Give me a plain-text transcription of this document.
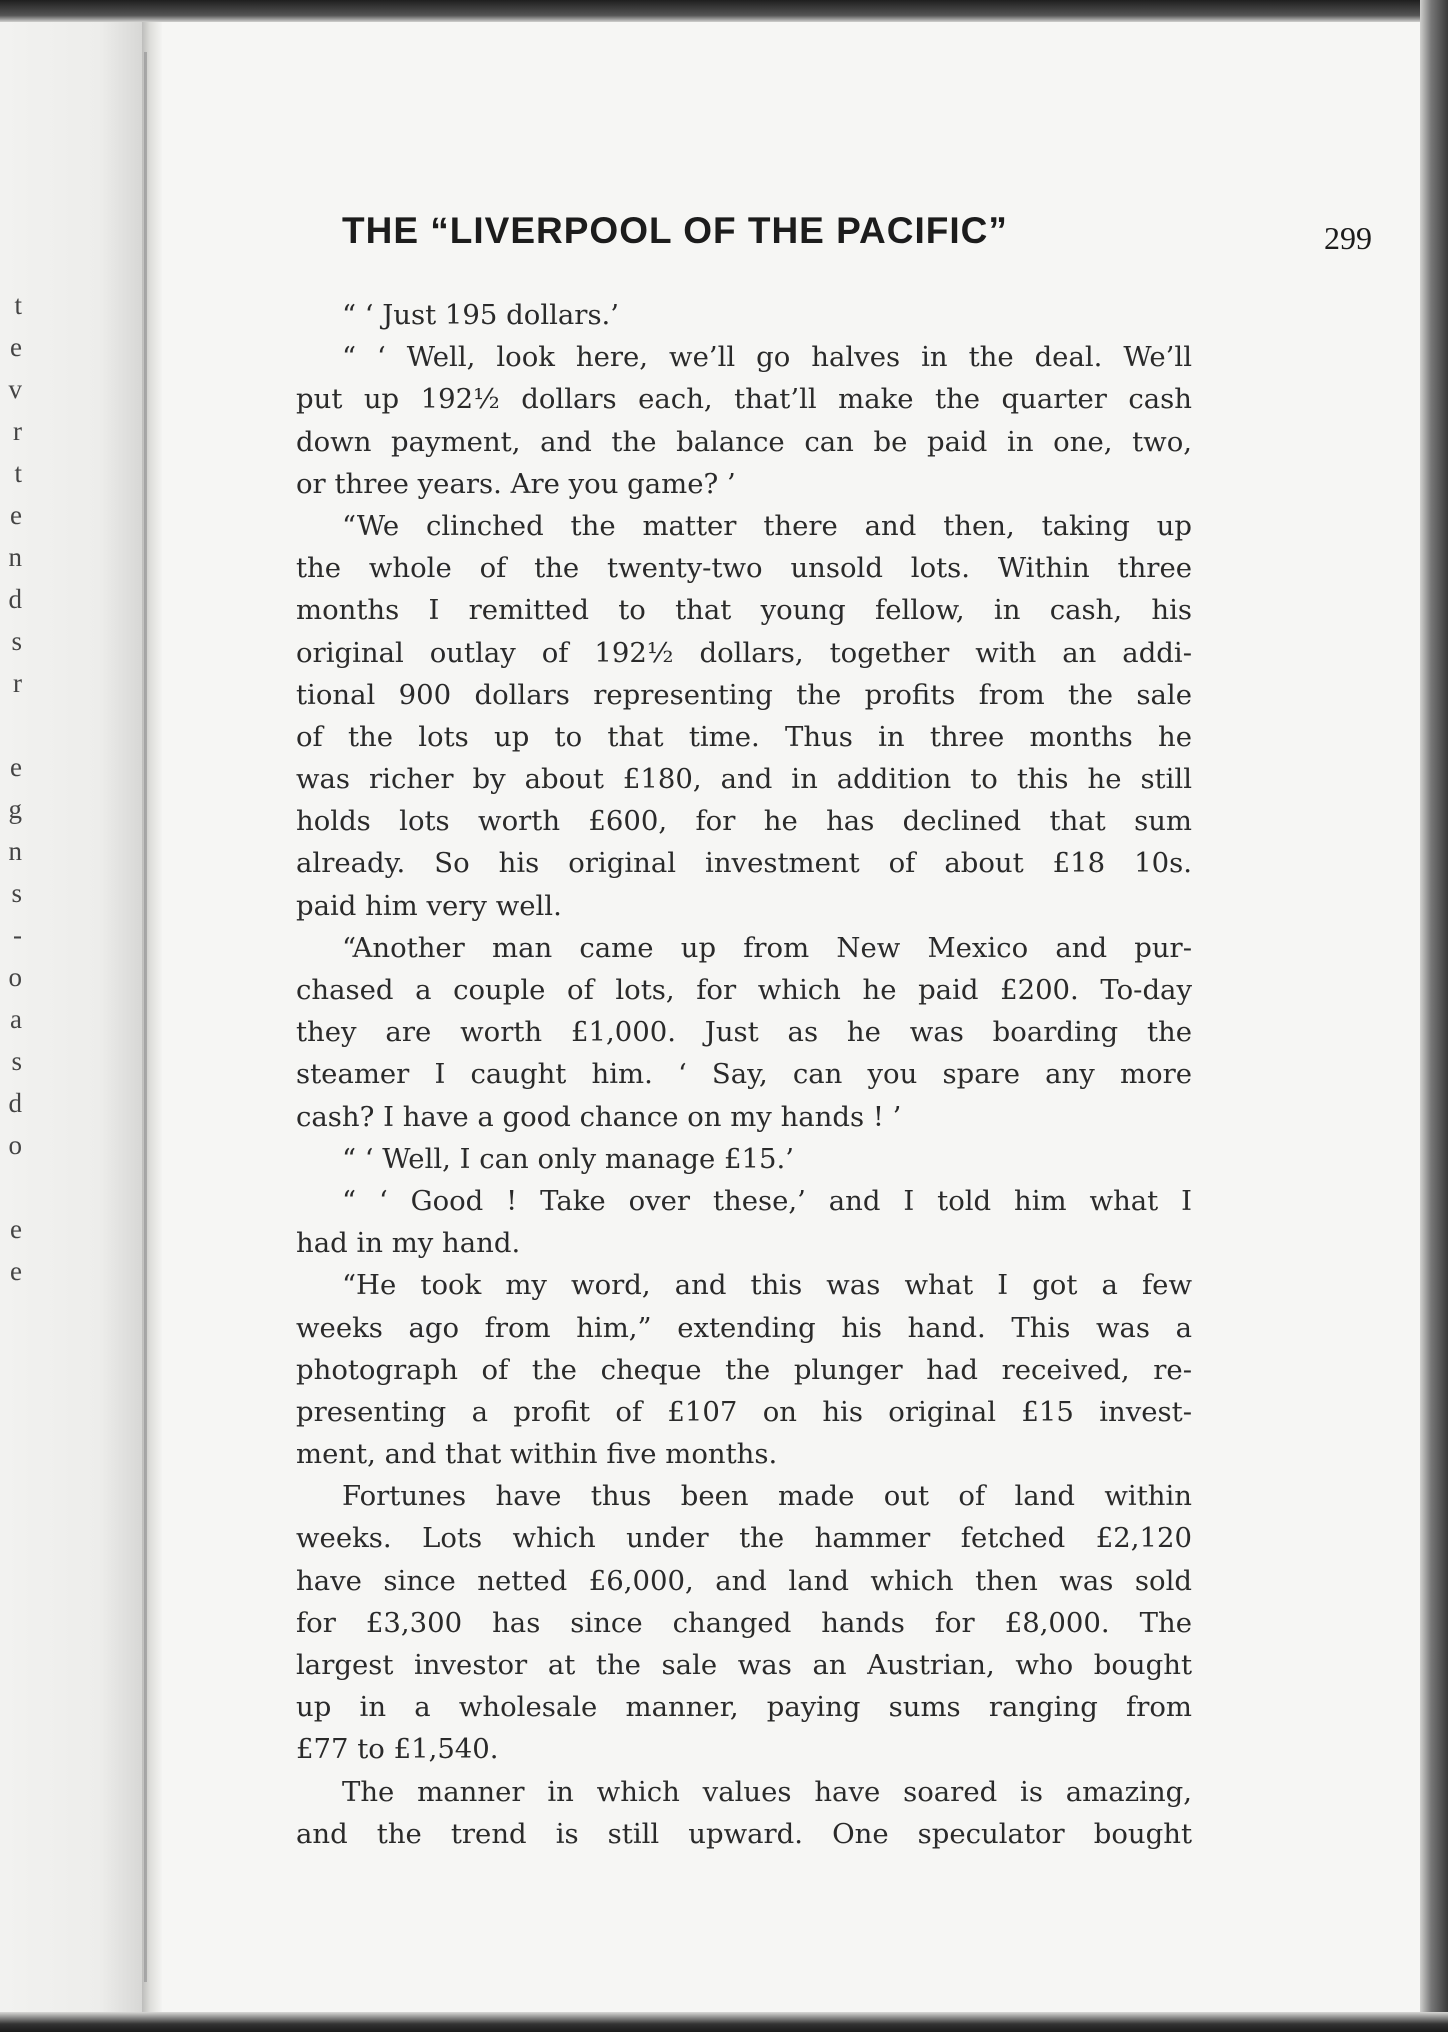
t
e
v
r
t
e
n
d
s
r
e
g
n
s
-
o
a
s
d
o
e
e
THE “LIVERPOOL OF THE PACIFIC”	299
“ ‘ Just 195 dollars.’
“ ‘ Well, look here, we’ll go halves in the deal. We’ll
put up 192½ dollars each, that’ll make the quarter cash
down payment, and the balance can be paid in one, two,
or three years. Are you game? ’
“We clinched the matter there and then, taking up
the whole of the twenty-two unsold lots. Within three
months I remitted to that young fellow, in cash, his
original outlay of 192½ dollars, together with an addi-
tional 900 dollars representing the profits from the sale
of the lots up to that time. Thus in three months he
was richer by about £180, and in addition to this he still
holds lots worth £600, for he has declined that sum
already. So his original investment of about £18 10s.
paid him very well.
“Another man came up from New Mexico and pur-
chased a couple of lots, for which he paid £200. To-day
they are worth £1,000. Just as he was boarding the
steamer I caught him. ‘ Say, can you spare any more
cash? I have a good chance on my hands ! ’
“ ‘ Well, I can only manage £15.’
“ ‘ Good ! Take over these,’ and I told him what I
had in my hand.
“He took my word, and this was what I got a few
weeks ago from him,” extending his hand. This was a
photograph of the cheque the plunger had received, re-
presenting a profit of £107 on his original £15 invest-
ment, and that within five months.
Fortunes have thus been made out of land within
weeks. Lots which under the hammer fetched £2,120
have since netted £6,000, and land which then was sold
for £3,300 has since changed hands for £8,000. The
largest investor at the sale was an Austrian, who bought
up in a wholesale manner, paying sums ranging from
£77 to £1,540.
The manner in which values have soared is amazing,
and the trend is still upward. One speculator bought
